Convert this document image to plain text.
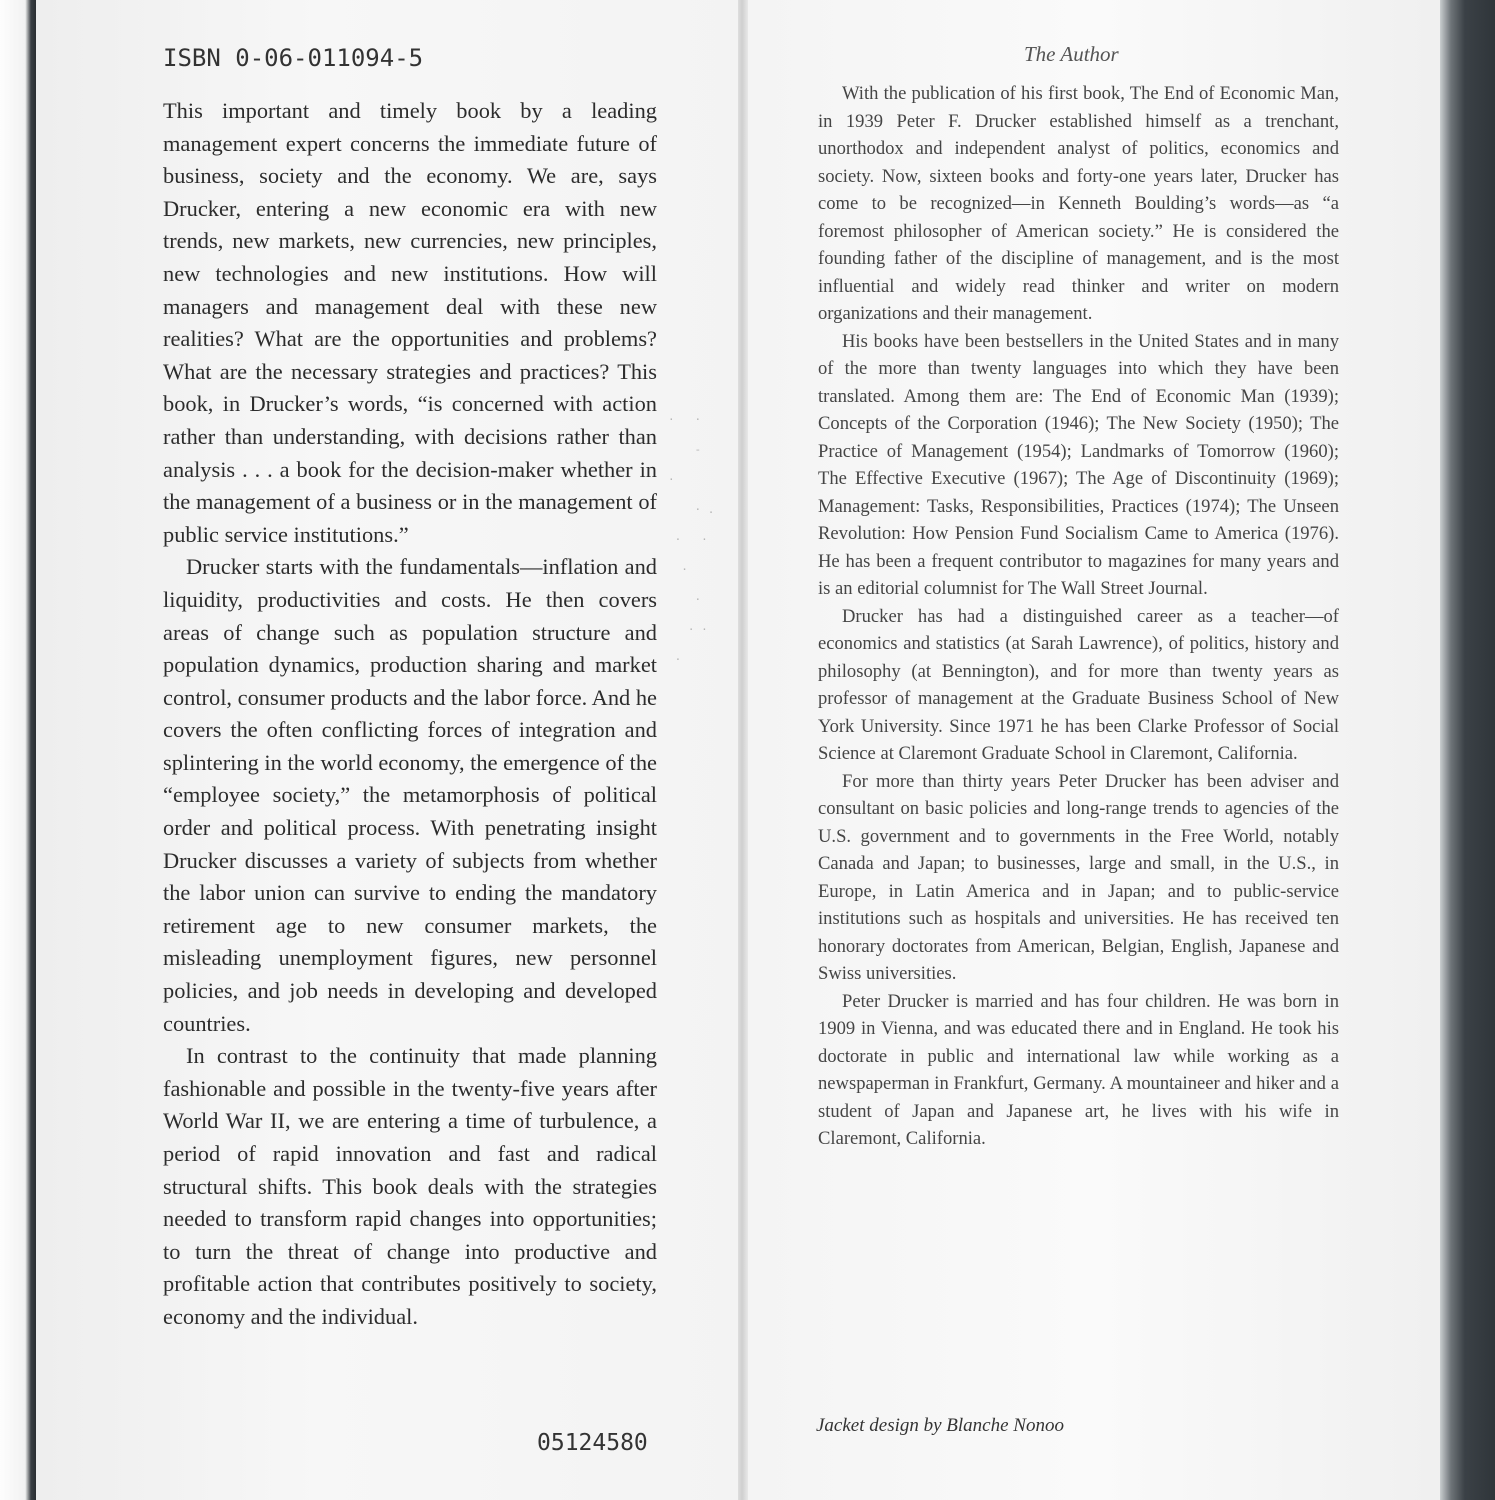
ISBN 0-06-011094-5

This important and timely book by a leading management expert concerns the immediate future of business, society and the economy. We are, says Drucker, entering a new economic era with new trends, new markets, new currencies, new principles, new technologies and new institutions. How will managers and management deal with these new realities? What are the opportunities and problems? What are the necessary strategies and practices? This book, in Drucker’s words, “is concerned with action rather than understanding, with decisions rather than analysis . . . a book for the decision-maker whether in the management of a business or in the management of public service institutions.”

Drucker starts with the fundamentals—inflation and liquidity, productivities and costs. He then covers areas of change such as population structure and population dynamics, production sharing and market control, consumer products and the labor force. And he covers the often conflicting forces of integration and splintering in the world economy, the emergence of the “employee society,” the metamorphosis of political order and political process. With penetrating insight Drucker discusses a variety of subjects from whether the labor union can survive to ending the mandatory retirement age to new consumer markets, the misleading unemployment figures, new personnel policies, and job needs in developing and developed countries.

In contrast to the continuity that made planning fashionable and possible in the twenty-five years after World War II, we are entering a time of turbulence, a period of rapid innovation and fast and radical structural shifts. This book deals with the strategies needed to transform rapid changes into opportunities; to turn the threat of change into productive and profitable action that contributes positively to society, economy and the individual.

·   ·
-
·
· .
·   ·
·
·
· ·
·
05124580
The Author

With the publication of his first book, The End of Economic Man, in 1939 Peter F. Drucker established himself as a trenchant, unorthodox and independent analyst of politics, economics and society. Now, sixteen books and forty-one years later, Drucker has come to be recognized—in Kenneth Boulding’s words—as “a foremost philosopher of American society.” He is considered the founding father of the discipline of management, and is the most influential and widely read thinker and writer on modern organizations and their management.

His books have been bestsellers in the United States and in many of the more than twenty languages into which they have been translated. Among them are: The End of Economic Man (1939); Concepts of the Corporation (1946); The New Society (1950); The Practice of Management (1954); Landmarks of Tomorrow (1960); The Effective Executive (1967); The Age of Discontinuity (1969); Management: Tasks, Responsibilities, Practices (1974); The Unseen Revolution: How Pension Fund Socialism Came to America (1976). He has been a frequent contributor to magazines for many years and is an editorial columnist for The Wall Street Journal.

Drucker has had a distinguished career as a teacher—of economics and statistics (at Sarah Lawrence), of politics, history and philosophy (at Bennington), and for more than twenty years as professor of management at the Graduate Business School of New York University. Since 1971 he has been Clarke Professor of Social Science at Claremont Graduate School in Claremont, California.

For more than thirty years Peter Drucker has been adviser and consultant on basic policies and long-range trends to agencies of the U.S. government and to governments in the Free World, notably Canada and Japan; to businesses, large and small, in the U.S., in Europe, in Latin America and in Japan; and to public-service institutions such as hospitals and universities. He has received ten honorary doctorates from American, Belgian, English, Japanese and Swiss universities.

Peter Drucker is married and has four children. He was born in 1909 in Vienna, and was educated there and in England. He took his doctorate in public and international law while working as a newspaperman in Frankfurt, Germany. A mountaineer and hiker and a student of Japan and Japanese art, he lives with his wife in Claremont, California.

Jacket design by Blanche Nonoo
